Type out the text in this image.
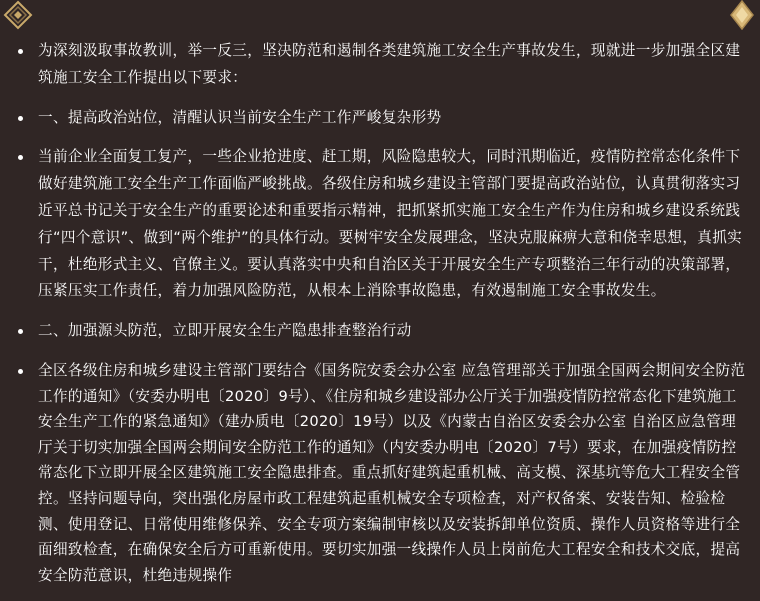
为深刻汲取事故教训，举一反三，坚决防范和遏制各类建筑施工安全生产事故发生，现就进一步加强全区建筑施工安全工作提出以下要求：
一、提高政治站位，清醒认识当前安全生产工作严峻复杂形势
当前企业全面复工复产，一些企业抢进度、赶工期，风险隐患较大，同时汛期临近，疫情防控常态化条件下做好建筑施工安全生产工作面临严峻挑战。各级住房和城乡建设主管部门要提高政治站位，认真贯彻落实习近平总书记关于安全生产的重要论述和重要指示精神，把抓紧抓实施工安全生产作为住房和城乡建设系统践行“四个意识”、做到“两个维护”的具体行动。要树牢安全发展理念，坚决克服麻痹大意和侥幸思想，真抓实干，杜绝形式主义、官僚主义。要认真落实中央和自治区关于开展安全生产专项整治三年行动的决策部署，压紧压实工作责任，着力加强风险防范，从根本上消除事故隐患，有效遏制施工安全事故发生。
二、加强源头防范，立即开展安全生产隐患排查整治行动
全区各级住房和城乡建设主管部门要结合《国务院安委会办公室 应急管理部关于加强全国两会期间安全防范工作的通知》（安委办明电〔2020〕9号）、《住房和城乡建设部办公厅关于加强疫情防控常态化下建筑施工安全生产工作的紧急通知》（建办质电〔2020〕19号）以及《内蒙古自治区安委会办公室 自治区应急管理厅关于切实加强全国两会期间安全防范工作的通知》（内安委办明电〔2020〕7号）要求，在加强疫情防控常态化下立即开展全区建筑施工安全隐患排查。重点抓好建筑起重机械、高支模、深基坑等危大工程安全管控。坚持问题导向，突出强化房屋市政工程建筑起重机械安全专项检查，对产权备案、安装告知、检验检测、使用登记、日常使用维修保养、安全专项方案编制审核以及安装拆卸单位资质、操作人员资格等进行全面细致检查，在确保安全后方可重新使用。要切实加强一线操作人员上岗前危大工程安全和技术交底，提高安全防范意识，杜绝违规操作
